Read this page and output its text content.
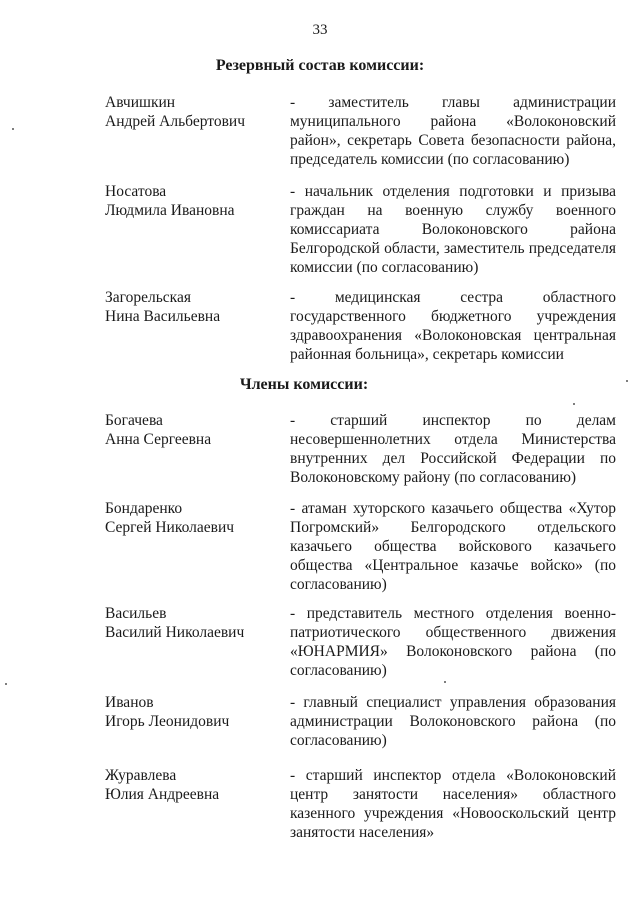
33
Резервный состав комиссии:
Авчишкин
Андрей Альбертович
- заместитель главы администрации муниципального района «Волоконовский район», секретарь Совета безопасности района, председатель комиссии (по согласованию)
Носатова
Людмила Ивановна
- начальник отделения подготовки и призыва граждан на военную службу военного комиссариата Волоконовского района Белгородской области, заместитель председателя комиссии (по согласованию)
Загорельская
Нина Васильевна
- медицинская сестра областного государственного бюджетного учреждения здравоохранения «Волоконовская центральная районная больница», секретарь комиссии
Члены комиссии:
Богачева
Анна Сергеевна
- старший инспектор по делам несовершеннолетних отдела Министерства внутренних дел Российской Федерации по Волоконовскому району (по согласованию)
Бондаренко
Сергей Николаевич
- атаман хуторского казачьего общества «Хутор Погромский» Белгородского отдельского казачьего общества войскового казачьего общества «Центральное казачье войско» (по согласованию)
Васильев
Василий Николаевич
- представитель местного отделения военно-патриотического общественного движения «ЮНАРМИЯ» Волоконовского района (по согласованию)
Иванов
Игорь Леонидович
- главный специалист управления образования администрации Волоконовского района (по согласованию)
Журавлева
Юлия Андреевна
- старший инспектор отдела «Волоконовский центр занятости населения» областного казенного учреждения «Новооскольский центр занятости населения»
